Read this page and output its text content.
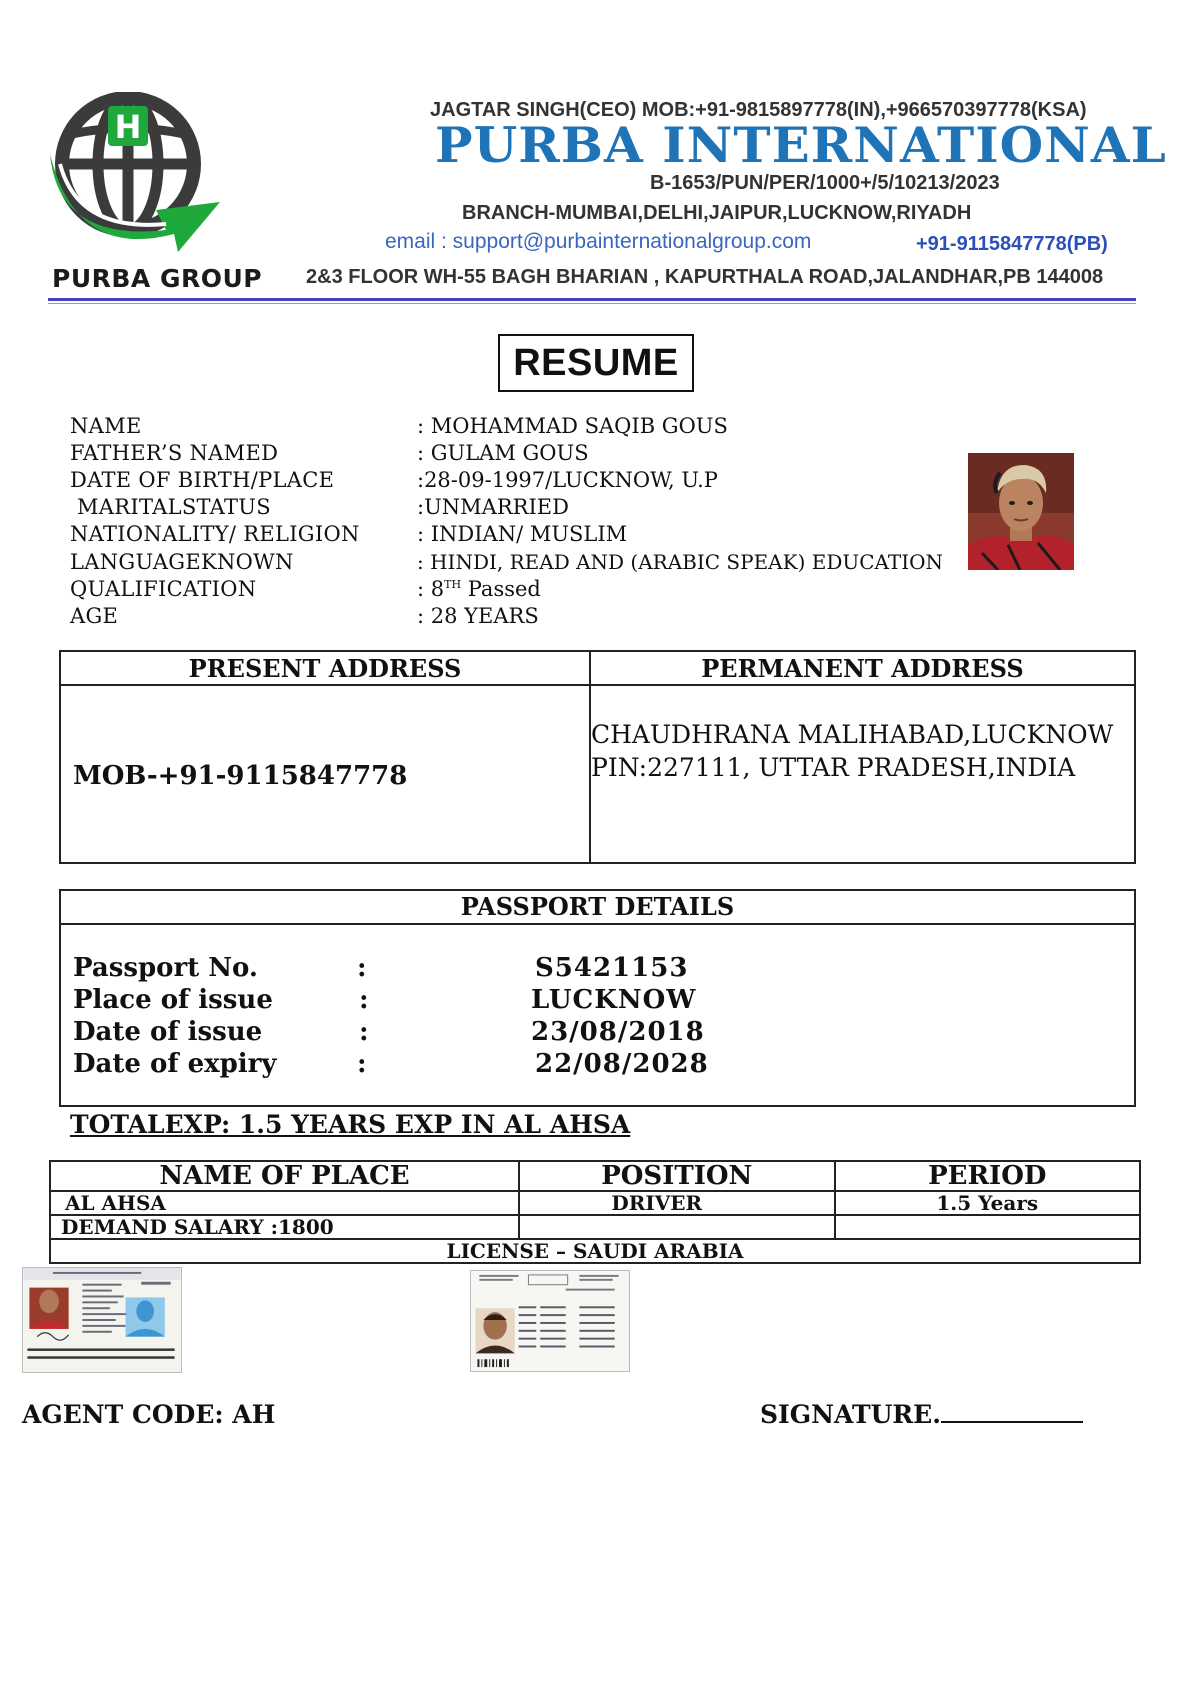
H
PURBA GROUP
JAGTAR SINGH(CEO) MOB:+91-9815897778(IN),+966570397778(KSA)
PURBA INTERNATIONAL
B-1653/PUN/PER/1000+/5/10213/2023
BRANCH-MUMBAI,DELHI,JAIPUR,LUCKNOW,RIYADH
email : support@purbainternationalgroup.com	+91-9115847778(PB)
2&3 FLOOR WH-55 BAGH BHARIAN , KAPURTHALA ROAD,JALANDHAR,PB 144008
RESUME
NAME	: MOHAMMAD SAQIB GOUS
FATHER’S NAMED	: GULAM GOUS
DATE OF BIRTH/PLACE	:28-09-1997/LUCKNOW, U.P
MARITALSTATUS	:UNMARRIED
NATIONALITY/ RELIGION	: INDIAN/ MUSLIM
LANGUAGEKNOWN	: HINDI, READ AND (ARABIC SPEAK) EDUCATION
QUALIFICATION	: 8TH Passed
AGE	: 28 YEARS
PRESENT ADDRESS	PERMANENT ADDRESS

MOB-+91-9115847778	CHAUDHRANA MALIHABAD,LUCKNOW
PIN:227111, UTTAR PRADESH,INDIA
PASSPORT DETAILS
Passport No.	:	S5421153
Place of issue	:	LUCKNOW
Date of issue	:	23/08/2018
Date of expiry	:	22/08/2028
TOTALEXP: 1.5 YEARS EXP IN AL AHSA
NAME OF PLACE	POSITION	PERIOD
AL AHSA	DRIVER	1.5 Years
DEMAND SALARY :1800		
LICENSE – SAUDI ARABIA		
AGENT CODE: AH	SIGNATURE.
